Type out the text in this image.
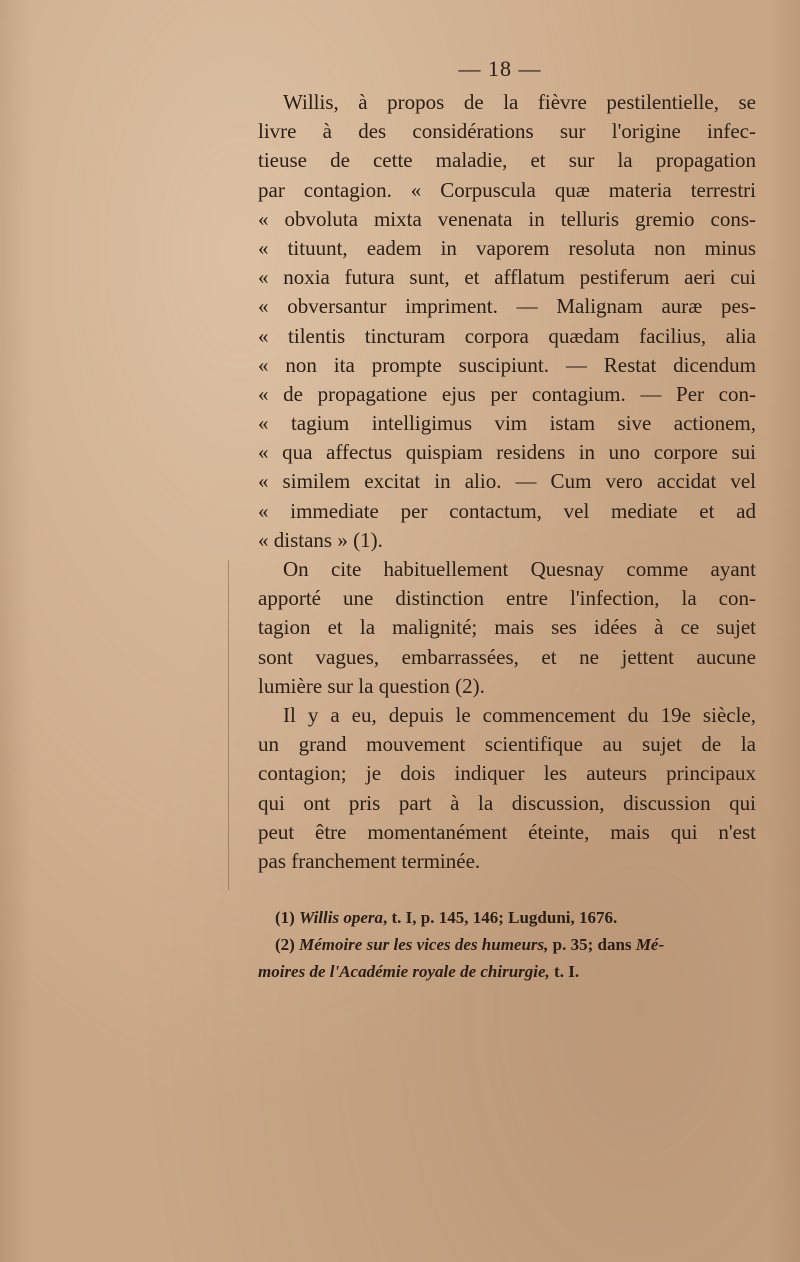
— 18 —
Willis, à propos de la fièvre pestilentielle, se
livre à des considérations sur l'origine infec-
tieuse de cette maladie, et sur la propagation
par contagion. « Corpuscula quæ materia terrestri
« obvoluta mixta venenata in telluris gremio cons-
« tituunt, eadem in vaporem resoluta non minus
« noxia futura sunt, et afflatum pestiferum aeri cui
« obversantur impriment. — Malignam auræ pes-
« tilentis tincturam corpora quædam facilius, alia
« non ita prompte suscipiunt. — Restat dicendum
« de propagatione ejus per contagium. — Per con-
« tagium intelligimus vim istam sive actionem,
« qua affectus quispiam residens in uno corpore sui
« similem excitat in alio. — Cum vero accidat vel
« immediate per contactum, vel mediate et ad
« distans » (1).
On cite habituellement Quesnay comme ayant
apporté une distinction entre l'infection, la con-
tagion et la malignité; mais ses idées à ce sujet
sont vagues, embarrassées, et ne jettent aucune
lumière sur la question (2).
Il y a eu, depuis le commencement du 19e siècle,
un grand mouvement scientifique au sujet de la
contagion; je dois indiquer les auteurs principaux
qui ont pris part à la discussion, discussion qui
peut être momentanément éteinte, mais qui n'est
pas franchement terminée.
(1) Willis opera, t. I, p. 145, 146; Lugduni, 1676.
(2) Mémoire sur les vices des humeurs, p. 35; dans Mé-
moires de l'Académie royale de chirurgie, t. I.
